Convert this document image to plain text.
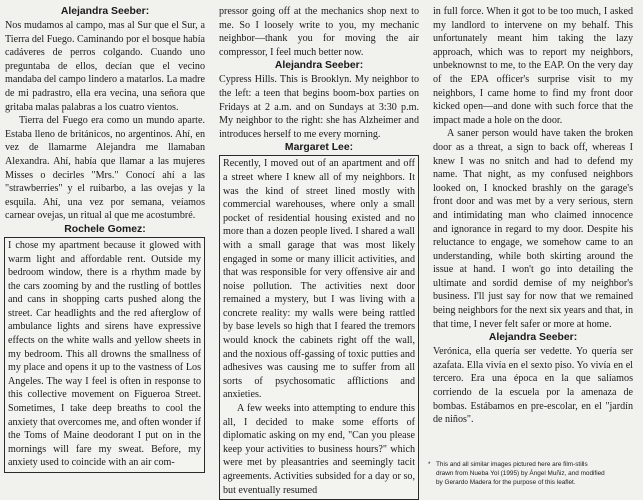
Alejandra Seeber:

Nos mudamos al campo, mas al Sur que el Sur, a Tierra del Fuego. Caminando por el bosque había cadáveres de perros colgando. Cuando uno preguntaba de ellos, decían que el vecino mandaba del campo lindero a matarlos. La madre de mi padrastro, ella era vecina, una señora que gritaba malas palabras a los cuatro vientos.

Tierra del Fuego era como un mundo aparte. Estaba lleno de británicos, no argentinos. Ahí, en vez de llamarme Alejandra me llamaban Alexandra. Ahí, había que llamar a las mujeres Misses o decirles "Mrs." Conocí ahí a las "strawberries" y el ruibarbo, a las ovejas y la esquila. Ahí, una vez por semana, veíamos carnear ovejas, un ritual al que me acostumbré.

Rochele Gomez:

I chose my apartment because it glowed with warm light and affordable rent. Outside my bedroom window, there is a rhythm made by the cars zooming by and the rustling of bottles and cans in shopping carts pushed along the street. Car headlights and the red afterglow of ambulance lights and sirens have expressive effects on the white walls and yellow sheets in my bedroom. This all drowns the smallness of my place and opens it up to the vastness of Los Angeles. The way I feel is often in response to this collective movement on Figueroa Street. Sometimes, I take deep breaths to cool the anxiety that overcomes me, and often wonder if the Toms of Maine deodorant I put on in the mornings will fare my sweat. Before, my anxiety used to coincide with an air com-

pressor going off at the mechanics shop next to me. So I loosely write to you, my mechanic neighbor—thank you for moving the air compressor, I feel much better now.

Alejandra Seeber:

Cypress Hills. This is Brooklyn. My neighbor to the left: a teen that begins boom-box parties on Fridays at 2 a.m. and on Sundays at 3:30 p.m. My neighbor to the right: she has Alzheimer and introduces herself to me every morning.

Margaret Lee:

Recently, I moved out of an apartment and off a street where I knew all of my neighbors. It was the kind of street lined mostly with commercial warehouses, where only a small pocket of residential housing existed and no more than a dozen people lived. I shared a wall with a small garage that was most likely engaged in some or many illicit activities, and that was responsible for very offensive air and noise pollution. The activities next door remained a mystery, but I was living with a concrete reality: my walls were being rattled by base levels so high that I feared the tremors would knock the cabinets right off the wall, and the noxious off-gassing of toxic putties and adhesives was causing me to suffer from all sorts of psychosomatic afflictions and anxieties.

A few weeks into attempting to endure this all, I decided to make some efforts of diplomatic asking on my end, "Can you please keep your activities to business hours?" which were met by pleasantries and seemingly tacit agreements. Activities subsided for a day or so, but eventually resumed

in full force. When it got to be too much, I asked my landlord to intervene on my behalf. This unfortunately meant him taking the lazy approach, which was to report my neighbors, unbeknownst to me, to the EAP. On the very day of the EPA officer's surprise visit to my neighbors, I came home to find my front door kicked open—and done with such force that the impact made a hole on the door.

A saner person would have taken the broken door as a threat, a sign to back off, whereas I knew I was no snitch and had to defend my name. That night, as my confused neighbors looked on, I knocked brashly on the garage's front door and was met by a very serious, stern and intimidating man who claimed innocence and ignorance in regard to my door. Despite his reluctance to engage, we somehow came to an understanding, while both skirting around the issue at hand. I won't go into detailing the ultimate and sordid demise of my neighbor's business. I'll just say for now that we remained being neighbors for the next six years and that, in that time, I never felt safer or more at home.

Alejandra Seeber:

Verónica, ella quería ser vedette. Yo quería ser azafata. Ella vivía en el sexto piso. Yo vivía en el tercero. Era una época en la que salíamos corriendo de la escuela por la amenaza de bombas. Estábamos en pre-escolar, en el "jardín de niños".

* This and all similar images pictured here are film-stills
drawn from Nueba Yol (1995) by Ángel Muñiz, and modified
by Gerardo Madera for the purpose of this leaflet.
